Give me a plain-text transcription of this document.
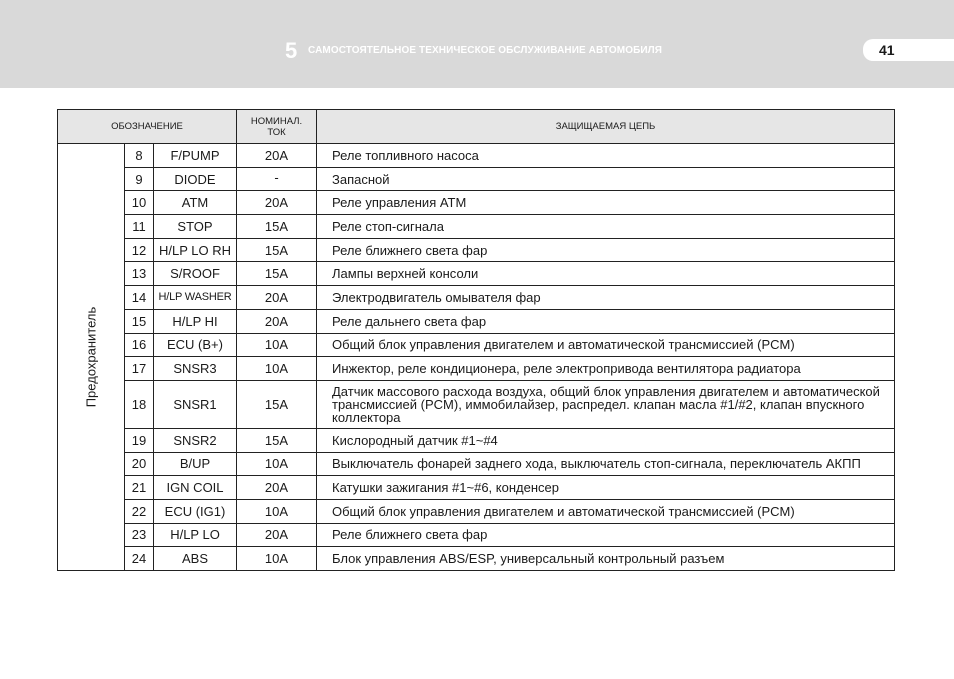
5 САМОСТОЯТЕЛЬНОЕ ТЕХНИЧЕСКОЕ ОБСЛУЖИВАНИЕ АВТОМОБИЛЯ	41
ОБОЗНАЧЕНИЕ			НОМИНАЛ.
ТОК	ЗАЩИЩАЕМАЯ ЦЕПЬ

Предохранитель	8	F/PUMP	20A	Реле топливного насоса
	9	DIODE	-	Запасной
	10	ATM	20A	Реле управления ATM
	11	STOP	15A	Реле стоп-сигнала
	12	H/LP LO RH	15A	Реле ближнего света фар
	13	S/ROOF	15A	Лампы верхней консоли
	14	H/LP WASHER	20A	Электродвигатель омывателя фар
	15	H/LP HI	20A	Реле дальнего света фар
	16	ECU (B+)	10A	Общий блок управления двигателем и автоматической трансмиссией (PCM)
	17	SNSR3	10A	Инжектор, реле кондиционера, реле электропривода вентилятора радиатора
	18	SNSR1	15A	Датчик массового расхода воздуха, общий блок управления двигателем и автоматической трансмиссией (PCM), иммобилайзер, распредел. клапан масла #1/#2, клапан впускного коллектора
	19	SNSR2	15A	Кислородный датчик #1~#4
	20	B/UP	10A	Выключатель фонарей заднего хода, выключатель стоп-сигнала, переключатель АКПП
	21	IGN COIL	20A	Катушки зажигания #1~#6, конденсер
	22	ECU (IG1)	10A	Общий блок управления двигателем и автоматической трансмиссией (PCM)
	23	H/LP LO	20A	Реле ближнего света фар
	24	ABS	10A	Блок управления ABS/ESP, универсальный контрольный разъем
